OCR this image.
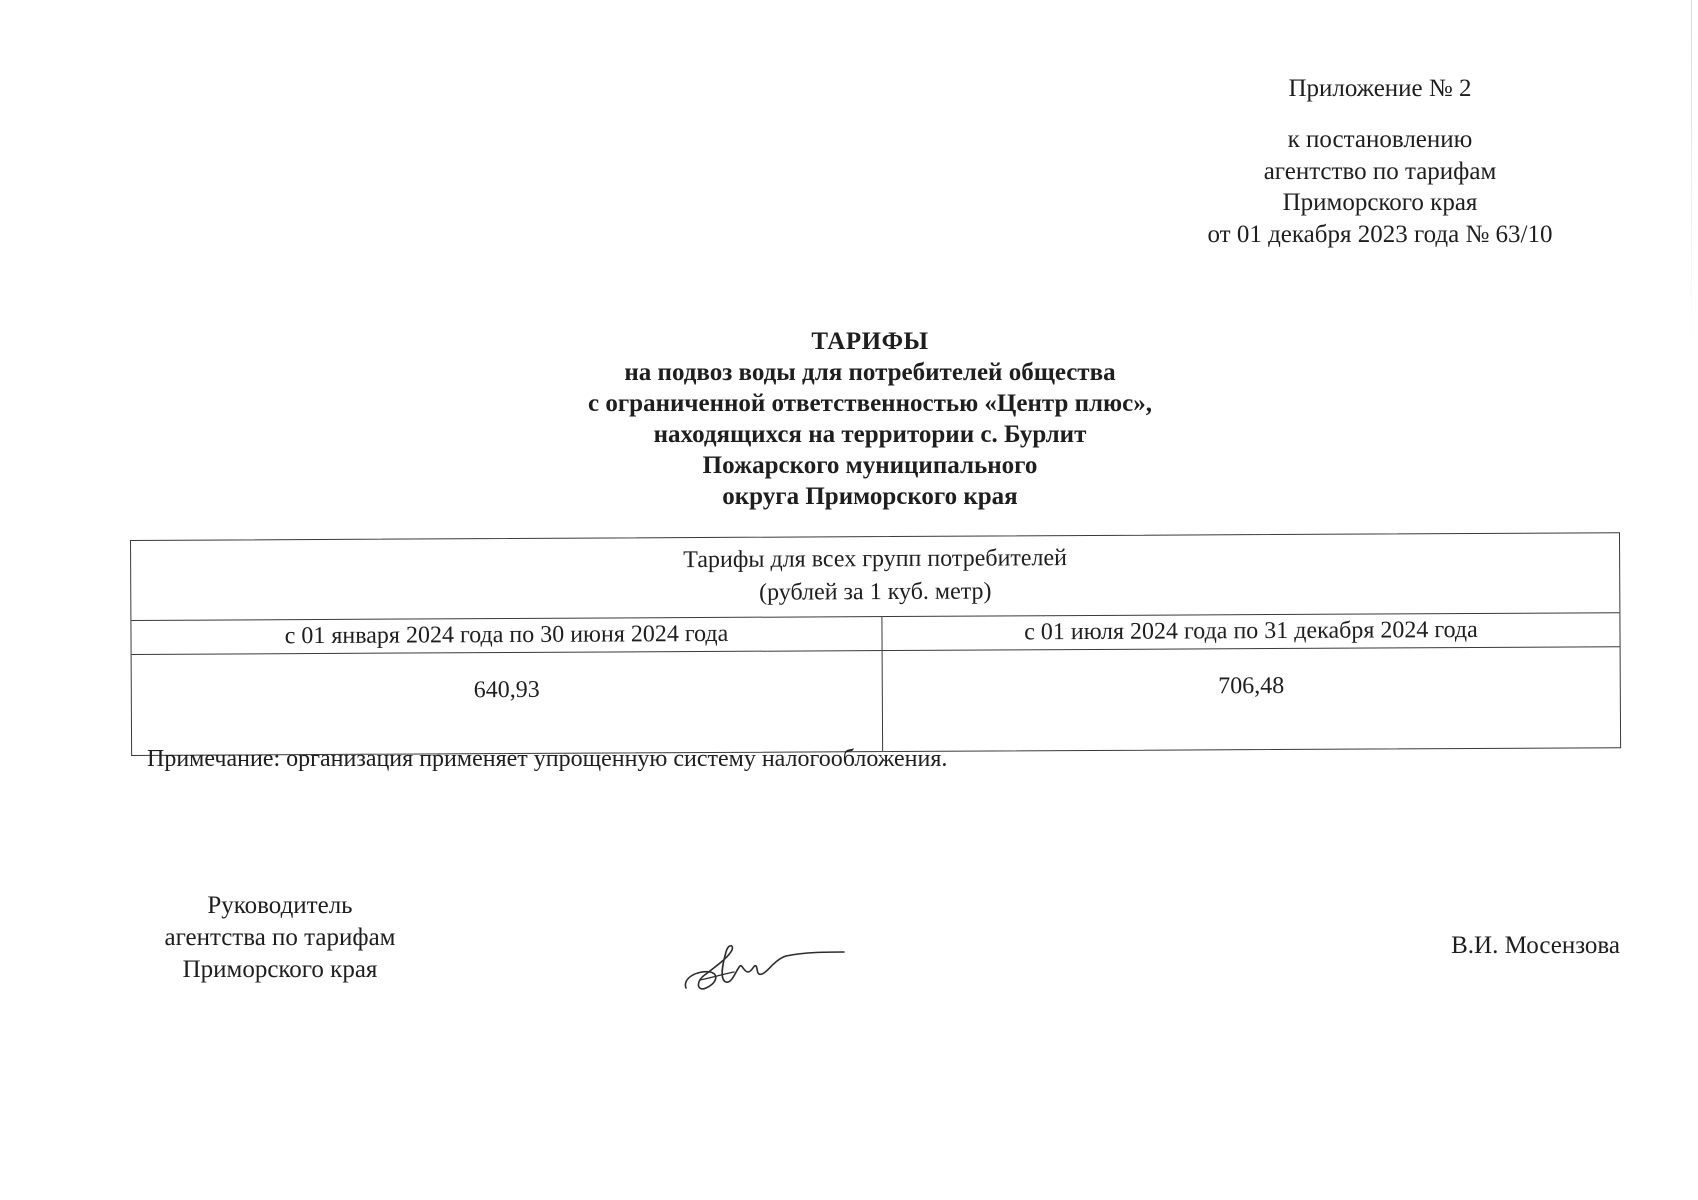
Приложение № 2
к постановлению
агентство по тарифам
Приморского края
от 01 декабря 2023 года № 63/10
ТАРИФЫ
на подвоз воды для потребителей общества
с ограниченной ответственностью «Центр плюс»,
находящихся на территории с. Бурлит
Пожарского муниципального
округа Приморского края
Тарифы для всех групп потребителей
(рублей за 1 куб. метр)
с 01 января 2024 года по 30 июня 2024 года	с 01 июля 2024 года по 31 декабря 2024 года
640,93	706,48
Примечание: организация применяет упрощенную систему налогообложения.
Руководитель
агентства по тарифам
Приморского края
В.И. Мосензова
